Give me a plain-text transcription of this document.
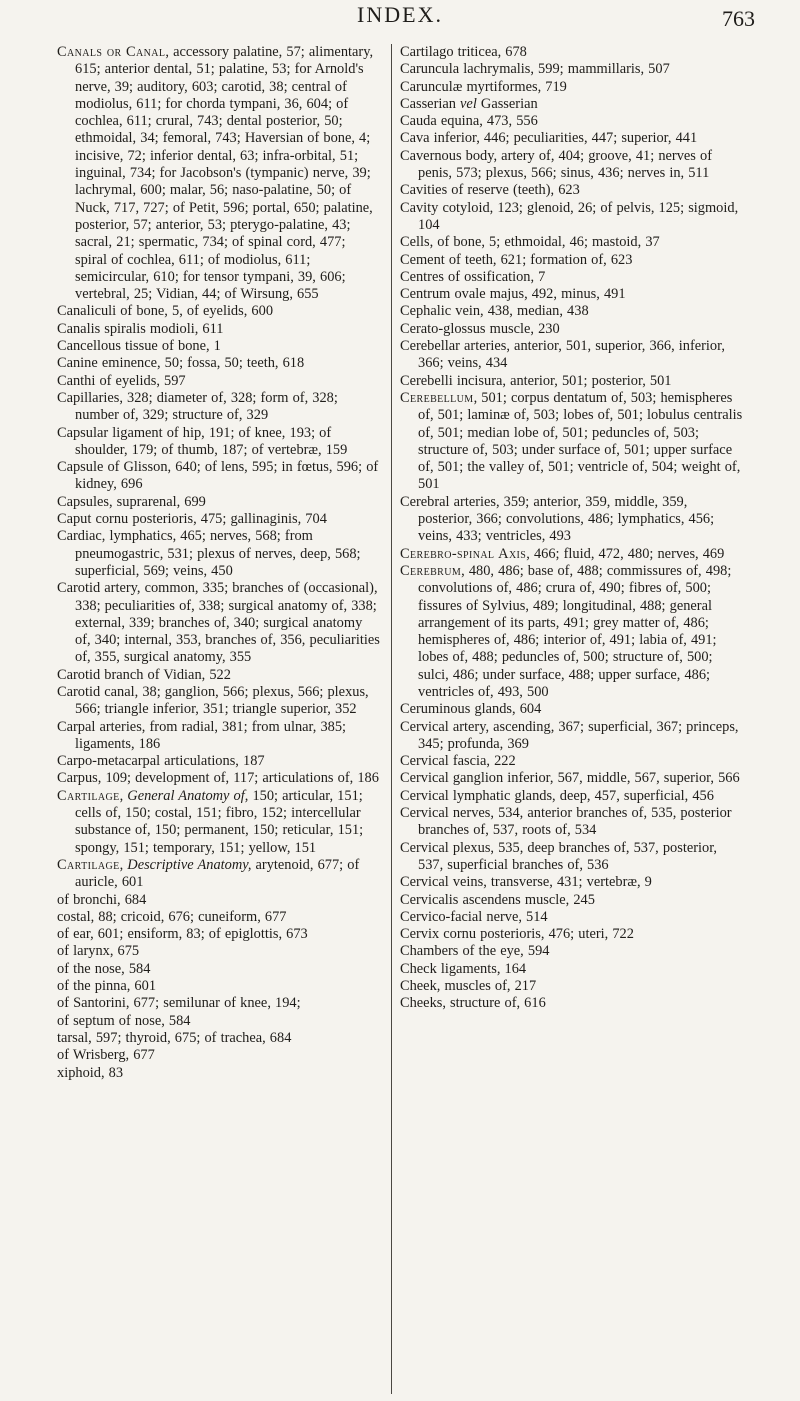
INDEX.	763

Canals or Canal, accessory palatine, 57; alimentary, 615; anterior dental, 51; palatine, 53; for Arnold's nerve, 39; auditory, 603; carotid, 38; central of modiolus, 611; for chorda tympani, 36, 604; of cochlea, 611; crural, 743; dental posterior, 50; ethmoidal, 34; femoral, 743; Haversian of bone, 4; incisive, 72; inferior dental, 63; infra-orbital, 51; inguinal, 734; for Jacobson's (tympanic) nerve, 39; lachrymal, 600; malar, 56; naso-palatine, 50; of Nuck, 717, 727; of Petit, 596; portal, 650; palatine, posterior, 57; anterior, 53; pterygo-palatine, 43; sacral, 21; spermatic, 734; of spinal cord, 477; spiral of cochlea, 611; of modiolus, 611; semicircular, 610; for tensor tympani, 39, 606; vertebral, 25; Vidian, 44; of Wirsung, 655

Canaliculi of bone, 5, of eyelids, 600

Canalis spiralis modioli, 611

Cancellous tissue of bone, 1

Canine eminence, 50; fossa, 50; teeth, 618

Canthi of eyelids, 597

Capillaries, 328; diameter of, 328; form of, 328; number of, 329; structure of, 329

Capsular ligament of hip, 191; of knee, 193; of shoulder, 179; of thumb, 187; of vertebræ, 159

Capsule of Glisson, 640; of lens, 595; in fœtus, 596; of kidney, 696

Capsules, suprarenal, 699

Caput cornu posterioris, 475; gallinaginis, 704

Cardiac, lymphatics, 465; nerves, 568; from pneumogastric, 531; plexus of nerves, deep, 568; superficial, 569; veins, 450

Carotid artery, common, 335; branches of (occasional), 338; peculiarities of, 338; surgical anatomy of, 338; external, 339; branches of, 340; surgical anatomy of, 340; internal, 353, branches of, 356, peculiarities of, 355, surgical anatomy, 355

Carotid branch of Vidian, 522

Carotid canal, 38; ganglion, 566; plexus, 566; plexus, 566; triangle inferior, 351; triangle superior, 352

Carpal arteries, from radial, 381; from ulnar, 385; ligaments, 186

Carpo-metacarpal articulations, 187

Carpus, 109; development of, 117; articulations of, 186

Cartilage, General Anatomy of, 150; articular, 151; cells of, 150; costal, 151; fibro, 152; intercellular substance of, 150; permanent, 150; reticular, 151; spongy, 151; temporary, 151; yellow, 151

Cartilage, Descriptive Anatomy, arytenoid, 677; of auricle, 601

of bronchi, 684

costal, 88; cricoid, 676; cuneiform, 677

of ear, 601; ensiform, 83; of epiglottis, 673

of larynx, 675

of the nose, 584

of the pinna, 601

of Santorini, 677; semilunar of knee, 194;

of septum of nose, 584

tarsal, 597; thyroid, 675; of trachea, 684

of Wrisberg, 677

xiphoid, 83

Cartilago triticea, 678

Caruncula lachrymalis, 599; mammillaris, 507

Carunculæ myrtiformes, 719

Casserian vel Gasserian

Cauda equina, 473, 556

Cava inferior, 446; peculiarities, 447; superior, 441

Cavernous body, artery of, 404; groove, 41; nerves of penis, 573; plexus, 566; sinus, 436; nerves in, 511

Cavities of reserve (teeth), 623

Cavity cotyloid, 123; glenoid, 26; of pelvis, 125; sigmoid, 104

Cells, of bone, 5; ethmoidal, 46; mastoid, 37

Cement of teeth, 621; formation of, 623

Centres of ossification, 7

Centrum ovale majus, 492, minus, 491

Cephalic vein, 438, median, 438

Cerato-glossus muscle, 230

Cerebellar arteries, anterior, 501, superior, 366, inferior, 366; veins, 434

Cerebelli incisura, anterior, 501; posterior, 501

Cerebellum, 501; corpus dentatum of, 503; hemispheres of, 501; laminæ of, 503; lobes of, 501; lobulus centralis of, 501; median lobe of, 501; peduncles of, 503; structure of, 503; under surface of, 501; upper surface of, 501; the valley of, 501; ventricle of, 504; weight of, 501

Cerebral arteries, 359; anterior, 359, middle, 359, posterior, 366; convolutions, 486; lymphatics, 456; veins, 433; ventricles, 493

Cerebro-spinal Axis, 466; fluid, 472, 480; nerves, 469

Cerebrum, 480, 486; base of, 488; commissures of, 498; convolutions of, 486; crura of, 490; fibres of, 500; fissures of Sylvius, 489; longitudinal, 488; general arrangement of its parts, 491; grey matter of, 486; hemispheres of, 486; interior of, 491; labia of, 491; lobes of, 488; peduncles of, 500; structure of, 500; sulci, 486; under surface, 488; upper surface, 486; ventricles of, 493, 500

Ceruminous glands, 604

Cervical artery, ascending, 367; superficial, 367; princeps, 345; profunda, 369

Cervical fascia, 222

Cervical ganglion inferior, 567, middle, 567, superior, 566

Cervical lymphatic glands, deep, 457, superficial, 456

Cervical nerves, 534, anterior branches of, 535, posterior branches of, 537, roots of, 534

Cervical plexus, 535, deep branches of, 537, posterior, 537, superficial branches of, 536

Cervical veins, transverse, 431; vertebræ, 9

Cervicalis ascendens muscle, 245

Cervico-facial nerve, 514

Cervix cornu posterioris, 476; uteri, 722

Chambers of the eye, 594

Check ligaments, 164

Cheek, muscles of, 217

Cheeks, structure of, 616
